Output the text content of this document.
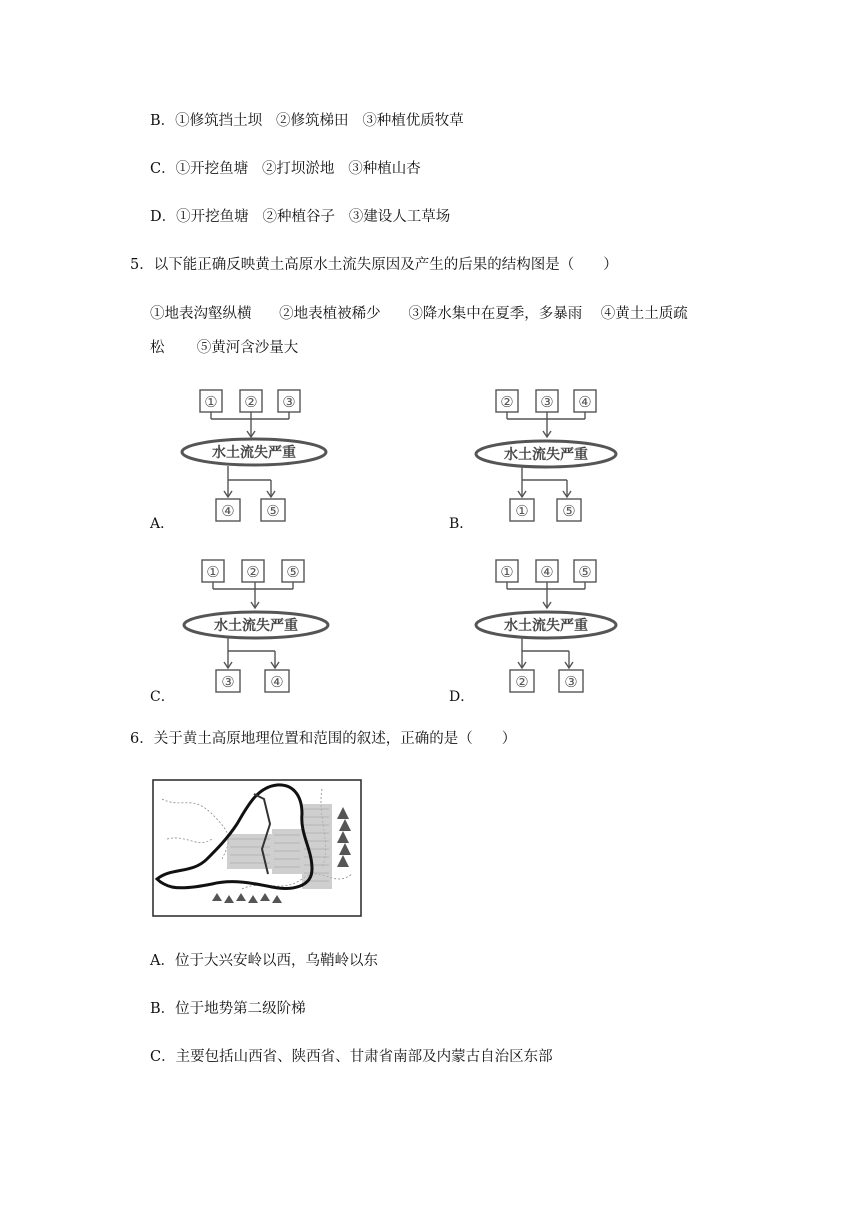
B．①修筑挡土坝 ②修筑梯田 ③种植优质牧草
C．①开挖鱼塘 ②打坝淤地 ③种植山杏
D．①开挖鱼塘 ②种植谷子 ③建设人工草场
5．以下能正确反映黄土高原水土流失原因及产生的后果的结构图是（　　）
①地表沟壑纵横 ②地表植被稀少 ③降水集中在夏季，多暴雨 ④黄土土质疏
松 ⑤黄河含沙量大
A．
① ② ③
水土流失严重
④ ⑤
B．
② ③ ④
水土流失严重
① ⑤
C．
① ② ⑤
水土流失严重
③ ④
D．
① ④ ⑤
水土流失严重
② ③
6．关于黄土高原地理位置和范围的叙述，正确的是（　　）
A．位于大兴安岭以西，乌鞘岭以东
B．位于地势第二级阶梯
C．主要包括山西省、陕西省、甘肃省南部及内蒙古自治区东部
